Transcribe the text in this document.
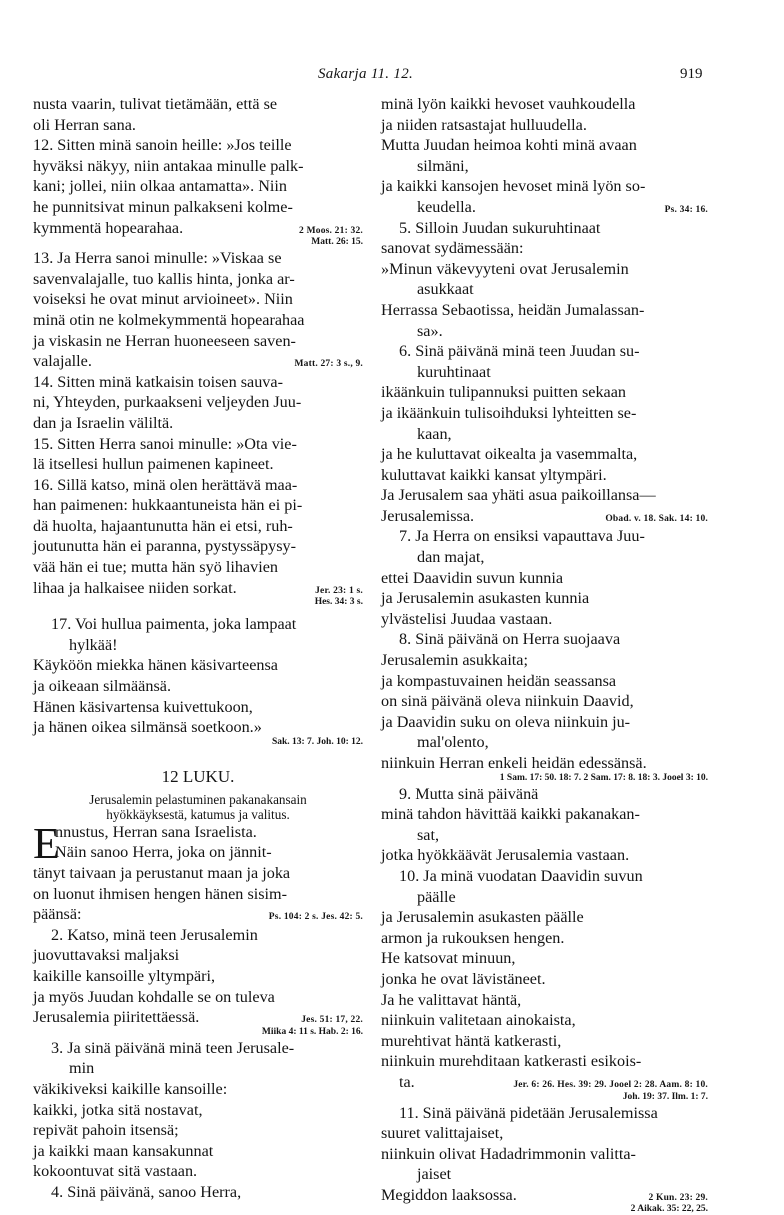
Sakarja 11. 12.	919
nusta vaarin, tulivat tietämään, että se
oli Herran sana.
12. Sitten minä sanoin heille: »Jos teille
hyväksi näkyy, niin antakaa minulle palk-
kani; jollei, niin olkaa antamatta». Niin
he punnitsivat minun palkakseni kolme-
kymmentä hopearahaa.	2 Moos. 21: 32.
Matt. 26: 15.
13. Ja Herra sanoi minulle: »Viskaa se
savenvalajalle, tuo kallis hinta, jonka ar-
voiseksi he ovat minut arvioineet». Niin
minä otin ne kolmekymmentä hopearahaa
ja viskasin ne Herran huoneeseen saven-
valajalle.	Matt. 27: 3 s., 9.
14. Sitten minä katkaisin toisen sauva-
ni, Yhteyden, purkaakseni veljeyden Juu-
dan ja Israelin väliltä.
15. Sitten Herra sanoi minulle: »Ota vie-
lä itsellesi hullun paimenen kapineet.
16. Sillä katso, minä olen herättävä maa-
han paimenen: hukkaantuneista hän ei pi-
dä huolta, hajaantunutta hän ei etsi, ruh-
joutunutta hän ei paranna, pystyssäpysy-
vää hän ei tue; mutta hän syö lihavien
lihaa ja halkaisee niiden sorkat.	Jer. 23: 1 s.
Hes. 34: 3 s.
17. Voi hullua paimenta, joka lampaat
hylkää!
Käyköön miekka hänen käsivarteensa
ja oikeaan silmäänsä.
Hänen käsivartensa kuivettukoon,
ja hänen oikea silmänsä soetkoon.»
Sak. 13: 7. Joh. 10: 12.
12 LUKU.
Jerusalemin pelastuminen pakanakansain
hyökkäyksestä, katumus ja valitus.
E
nnustus, Herran sana Israelista.
Näin sanoo Herra, joka on jännit-
tänyt taivaan ja perustanut maan ja joka
on luonut ihmisen hengen hänen sisim-
päänsä:	Ps. 104: 2 s. Jes. 42: 5.
2. Katso, minä teen Jerusalemin
juovuttavaksi maljaksi
kaikille kansoille yltympäri,
ja myös Juudan kohdalle se on tuleva
Jerusalemia piiritettäessä.	Jes. 51: 17, 22.
Miika 4: 11 s. Hab. 2: 16.
3. Ja sinä päivänä minä teen Jerusale-
min
väkikiveksi kaikille kansoille:
kaikki, jotka sitä nostavat,
repivät pahoin itsensä;
ja kaikki maan kansakunnat
kokoontuvat sitä vastaan.
4. Sinä päivänä, sanoo Herra,
minä lyön kaikki hevoset vauhkoudella
ja niiden ratsastajat hulluudella.
Mutta Juudan heimoa kohti minä avaan
silmäni,
ja kaikki kansojen hevoset minä lyön so-
keudella.	Ps. 34: 16.
5. Silloin Juudan sukuruhtinaat
sanovat sydämessään:
»Minun väkevyyteni ovat Jerusalemin
asukkaat
Herrassa Sebaotissa, heidän Jumalassan-
sa».
6. Sinä päivänä minä teen Juudan su-
kuruhtinaat
ikäänkuin tulipannuksi puitten sekaan
ja ikäänkuin tulisoihduksi lyhteitten se-
kaan,
ja he kuluttavat oikealta ja vasemmalta,
kuluttavat kaikki kansat yltympäri.
Ja Jerusalem saa yhäti asua paikoillansa—
Jerusalemissa.	Obad. v. 18. Sak. 14: 10.
7. Ja Herra on ensiksi vapauttava Juu-
dan majat,
ettei Daavidin suvun kunnia
ja Jerusalemin asukasten kunnia
ylvästelisi Juudaa vastaan.
8. Sinä päivänä on Herra suojaava
Jerusalemin asukkaita;
ja kompastuvainen heidän seassansa
on sinä päivänä oleva niinkuin Daavid,
ja Daavidin suku on oleva niinkuin ju-
mal'olento,
niinkuin Herran enkeli heidän edessänsä.
1 Sam. 17: 50. 18: 7. 2 Sam. 17: 8. 18: 3. Jooel 3: 10.
9. Mutta sinä päivänä
minä tahdon hävittää kaikki pakanakan-
sat,
jotka hyökkäävät Jerusalemia vastaan.
10. Ja minä vuodatan Daavidin suvun
päälle
ja Jerusalemin asukasten päälle
armon ja rukouksen hengen.
He katsovat minuun,
jonka he ovat lävistäneet.
Ja he valittavat häntä,
niinkuin valitetaan ainokaista,
murehtivat häntä katkerasti,
niinkuin murehditaan katkerasti esikois-
ta.	Jer. 6: 26. Hes. 39: 29. Jooel 2: 28. Aam. 8: 10.
Joh. 19: 37. Ilm. 1: 7.
11. Sinä päivänä pidetään Jerusalemissa
suuret valittajaiset,
niinkuin olivat Hadadrimmonin valitta-
jaiset
Megiddon laaksossa.	2 Kun. 23: 29.
2 Aikak. 35: 22, 25.
